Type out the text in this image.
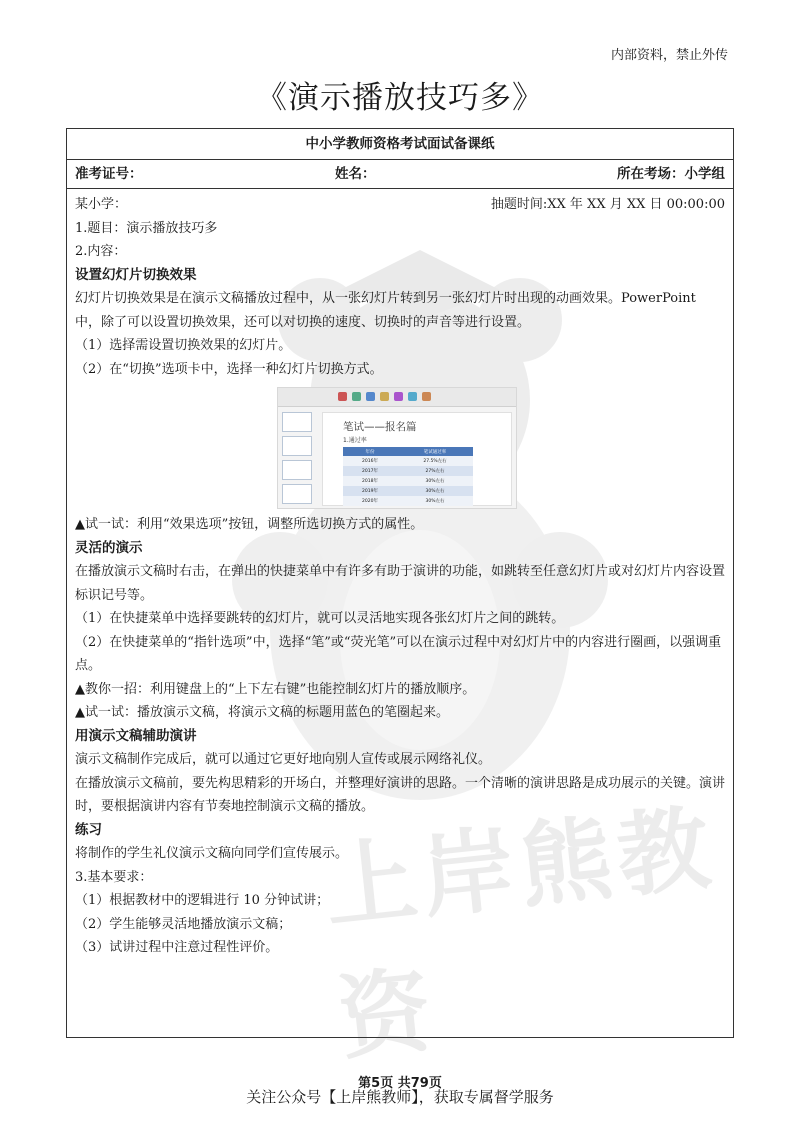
上岸熊教资
内部资料，禁止外传
《演示播放技巧多》
中小学教师资格考试面试备课纸
准考证号：	姓名：	所在考场：小学组
某小学：	抽题时间:XX 年 XX 月 XX 日 00:00:00
1.题目：演示播放技巧多
2.内容：
设置幻灯片切换效果
幻灯片切换效果是在演示文稿播放过程中，从一张幻灯片转到另一张幻灯片时出现的动画效果。PowerPoint 中，除了可以设置切换效果，还可以对切换的速度、切换时的声音等进行设置。
（1）选择需设置切换效果的幻灯片。
（2）在“切换”选项卡中，选择一种幻灯片切换方式。
笔试——报名篇
1.通过率
年份	笔试通过率
2016年	27.5%左右
2017年	27%左右
2018年	30%左右
2019年	30%左右
2020年	30%左右
▲试一试：利用“效果选项”按钮，调整所选切换方式的属性。
灵活的演示
在播放演示文稿时右击，在弹出的快捷菜单中有许多有助于演讲的功能，如跳转至任意幻灯片或对幻灯片内容设置标识记号等。
（1）在快捷菜单中选择要跳转的幻灯片，就可以灵活地实现各张幻灯片之间的跳转。
（2）在快捷菜单的“指针选项”中，选择“笔”或“荧光笔”可以在演示过程中对幻灯片中的内容进行圈画，以强调重点。
▲教你一招：利用键盘上的“上下左右键”也能控制幻灯片的播放顺序。
▲试一试：播放演示文稿，将演示文稿的标题用蓝色的笔圈起来。
用演示文稿辅助演讲
演示文稿制作完成后，就可以通过它更好地向别人宣传或展示网络礼仪。
在播放演示文稿前，要先构思精彩的开场白，并整理好演讲的思路。一个清晰的演讲思路是成功展示的关键。演讲时，要根据演讲内容有节奏地控制演示文稿的播放。
练习
将制作的学生礼仪演示文稿向同学们宣传展示。
3.基本要求：
（1）根据教材中的逻辑进行 10 分钟试讲；
（2）学生能够灵活地播放演示文稿；
（3）试讲过程中注意过程性评价。
第5页 共79页
关注公众号【上岸熊教师】，获取专属督学服务
